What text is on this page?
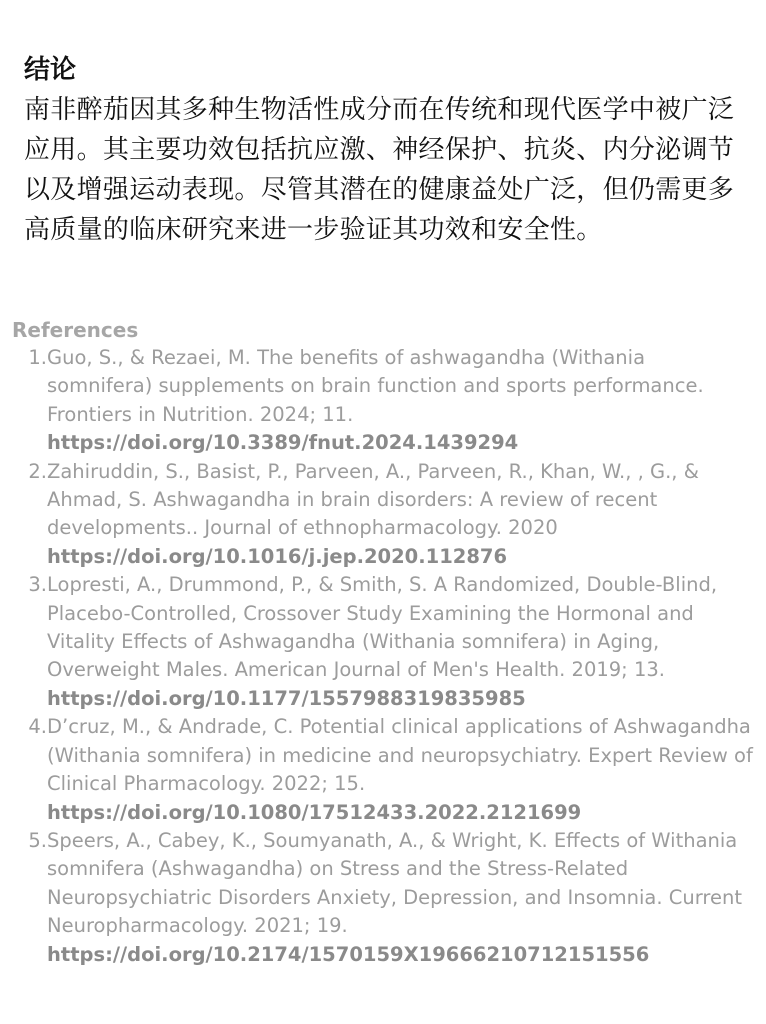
结论

南非醉茄因其多种生物活性成分而在传统和现代医学中被广泛应用。其主要功效包括抗应激、神经保护、抗炎、内分泌调节以及增强运动表现。尽管其潜在的健康益处广泛，但仍需更多高质量的临床研究来进一步验证其功效和安全性。

References
1. Guo, S., & Rezaei, M. The benefits of ashwagandha (Withania somnifera) supplements on brain function and sports performance. Frontiers in Nutrition. 2024; 11.
https://doi.org/10.3389/fnut.2024.1439294
2. Zahiruddin, S., Basist, P., Parveen, A., Parveen, R., Khan, W., , G., & Ahmad, S. Ashwagandha in brain disorders: A review of recent developments.. Journal of ethnopharmacology. 2020
https://doi.org/10.1016/j.jep.2020.112876
3. Lopresti, A., Drummond, P., & Smith, S. A Randomized, Double-Blind, Placebo-Controlled, Crossover Study Examining the Hormonal and Vitality Effects of Ashwagandha (Withania somnifera) in Aging, Overweight Males. American Journal of Men's Health. 2019; 13.
https://doi.org/10.1177/1557988319835985
4. D’cruz, M., & Andrade, C. Potential clinical applications of Ashwagandha (Withania somnifera) in medicine and neuropsychiatry. Expert Review of Clinical Pharmacology. 2022; 15.
https://doi.org/10.1080/17512433.2022.2121699
5. Speers, A., Cabey, K., Soumyanath, A., & Wright, K. Effects of Withania somnifera (Ashwagandha) on Stress and the Stress-Related Neuropsychiatric Disorders Anxiety, Depression, and Insomnia. Current Neuropharmacology. 2021; 19.
https://doi.org/10.2174/1570159X19666210712151556
